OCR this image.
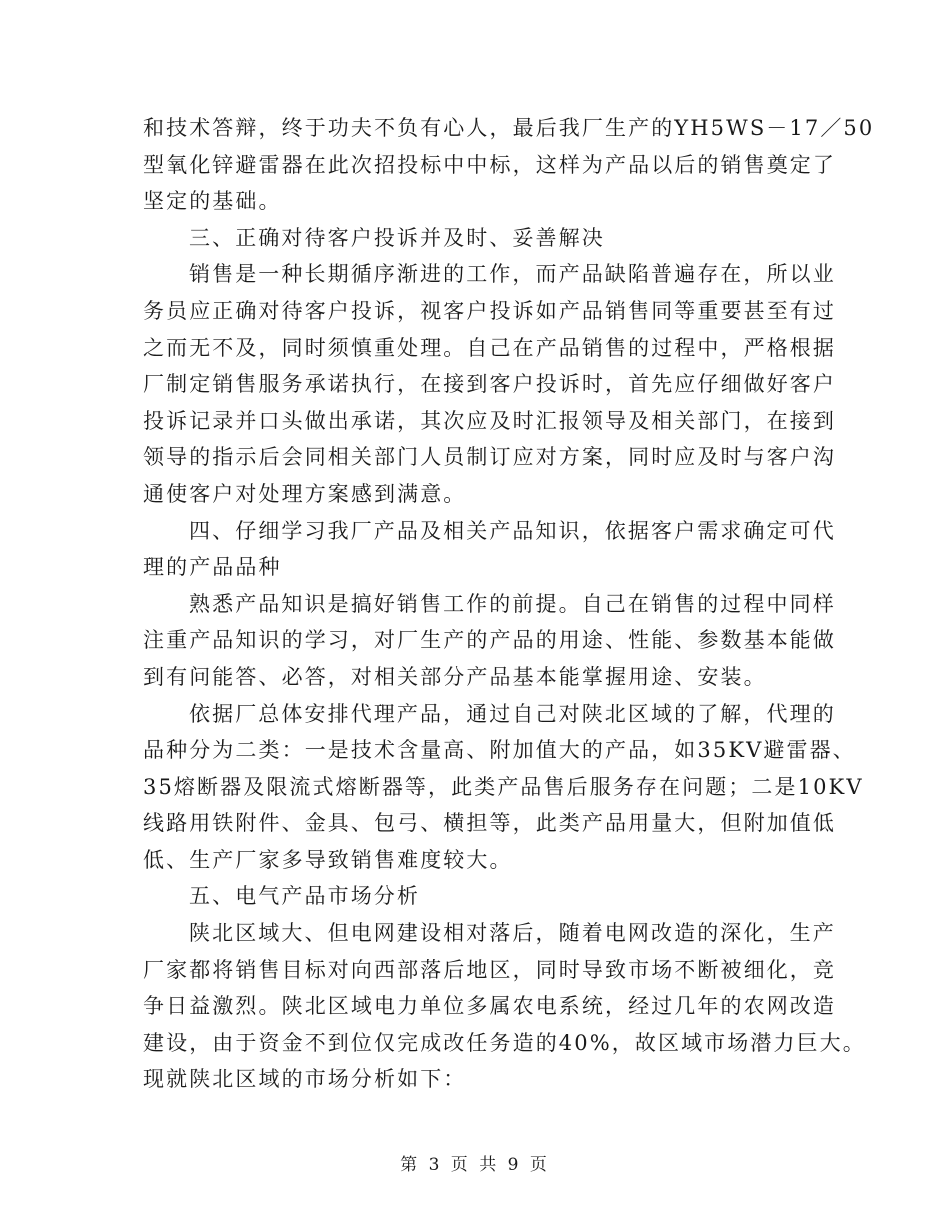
和技术答辩，终于功夫不负有心人，最后我厂生产的YH5WS－17／50
型氧化锌避雷器在此次招投标中中标，这样为产品以后的销售奠定了
坚定的基础。
三、正确对待客户投诉并及时、妥善解决
销售是一种长期循序渐进的工作，而产品缺陷普遍存在，所以业
务员应正确对待客户投诉，视客户投诉如产品销售同等重要甚至有过
之而无不及，同时须慎重处理。自己在产品销售的过程中，严格根据
厂制定销售服务承诺执行，在接到客户投诉时，首先应仔细做好客户
投诉记录并口头做出承诺，其次应及时汇报领导及相关部门，在接到
领导的指示后会同相关部门人员制订应对方案，同时应及时与客户沟
通使客户对处理方案感到满意。
四、仔细学习我厂产品及相关产品知识，依据客户需求确定可代
理的产品品种
熟悉产品知识是搞好销售工作的前提。自己在销售的过程中同样
注重产品知识的学习，对厂生产的产品的用途、性能、参数基本能做
到有问能答、必答，对相关部分产品基本能掌握用途、安装。
依据厂总体安排代理产品，通过自己对陕北区域的了解，代理的
品种分为二类：一是技术含量高、附加值大的产品，如35KV避雷器、
35熔断器及限流式熔断器等，此类产品售后服务存在问题；二是10KV
线路用铁附件、金具、包弓、横担等，此类产品用量大，但附加值低
低、生产厂家多导致销售难度较大。
五、电气产品市场分析
陕北区域大、但电网建设相对落后，随着电网改造的深化，生产
厂家都将销售目标对向西部落后地区，同时导致市场不断被细化，竞
争日益激烈。陕北区域电力单位多属农电系统，经过几年的农网改造
建设，由于资金不到位仅完成改任务造的40%，故区域市场潜力巨大。
现就陕北区域的市场分析如下：
第 3 页 共 9 页
